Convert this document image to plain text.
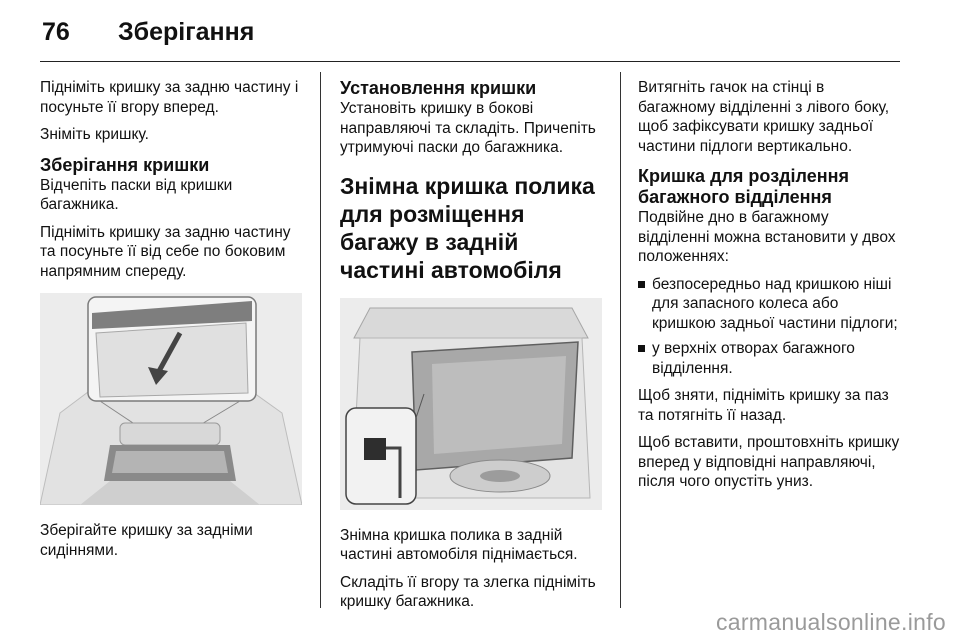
76 Зберігання

Підніміть кришку за задню частину і посуньте її вгору вперед.

Зніміть кришку.

Зберігання кришки

Відчепіть паски від кришки багажника.

Підніміть кришку за задню частину та посуньте її від себе по боковим напрямним спереду.

Зберігайте кришку за задніми сидіннями.

Установлення кришки

Установіть кришку в бокові направляючі та складіть. Причепіть утримуючі паски до багажника.

Знімна кришка полика для розміщення багажу в задній частині автомобіля

Знімна кришка полика в задній частині автомобіля піднімається.

Складіть її вгору та злегка підніміть кришку багажника.

Витягніть гачок на стінці в багажному відділенні з лівого боку, щоб зафіксувати кришку задньої частини підлоги вертикально.

Кришка для розділення багажного відділення

Подвійне дно в багажному відділенні можна встановити у двох положеннях:

безпосередньо над кришкою ніші для запасного колеса або кришкою задньої частини підлоги;
у верхніх отворах багажного відділення.

Щоб зняти, підніміть кришку за паз та потягніть її назад.

Щоб вставити, проштовхніть кришку вперед у відповідні направляючі, після чого опустіть униз.

carmanualsonline.info
